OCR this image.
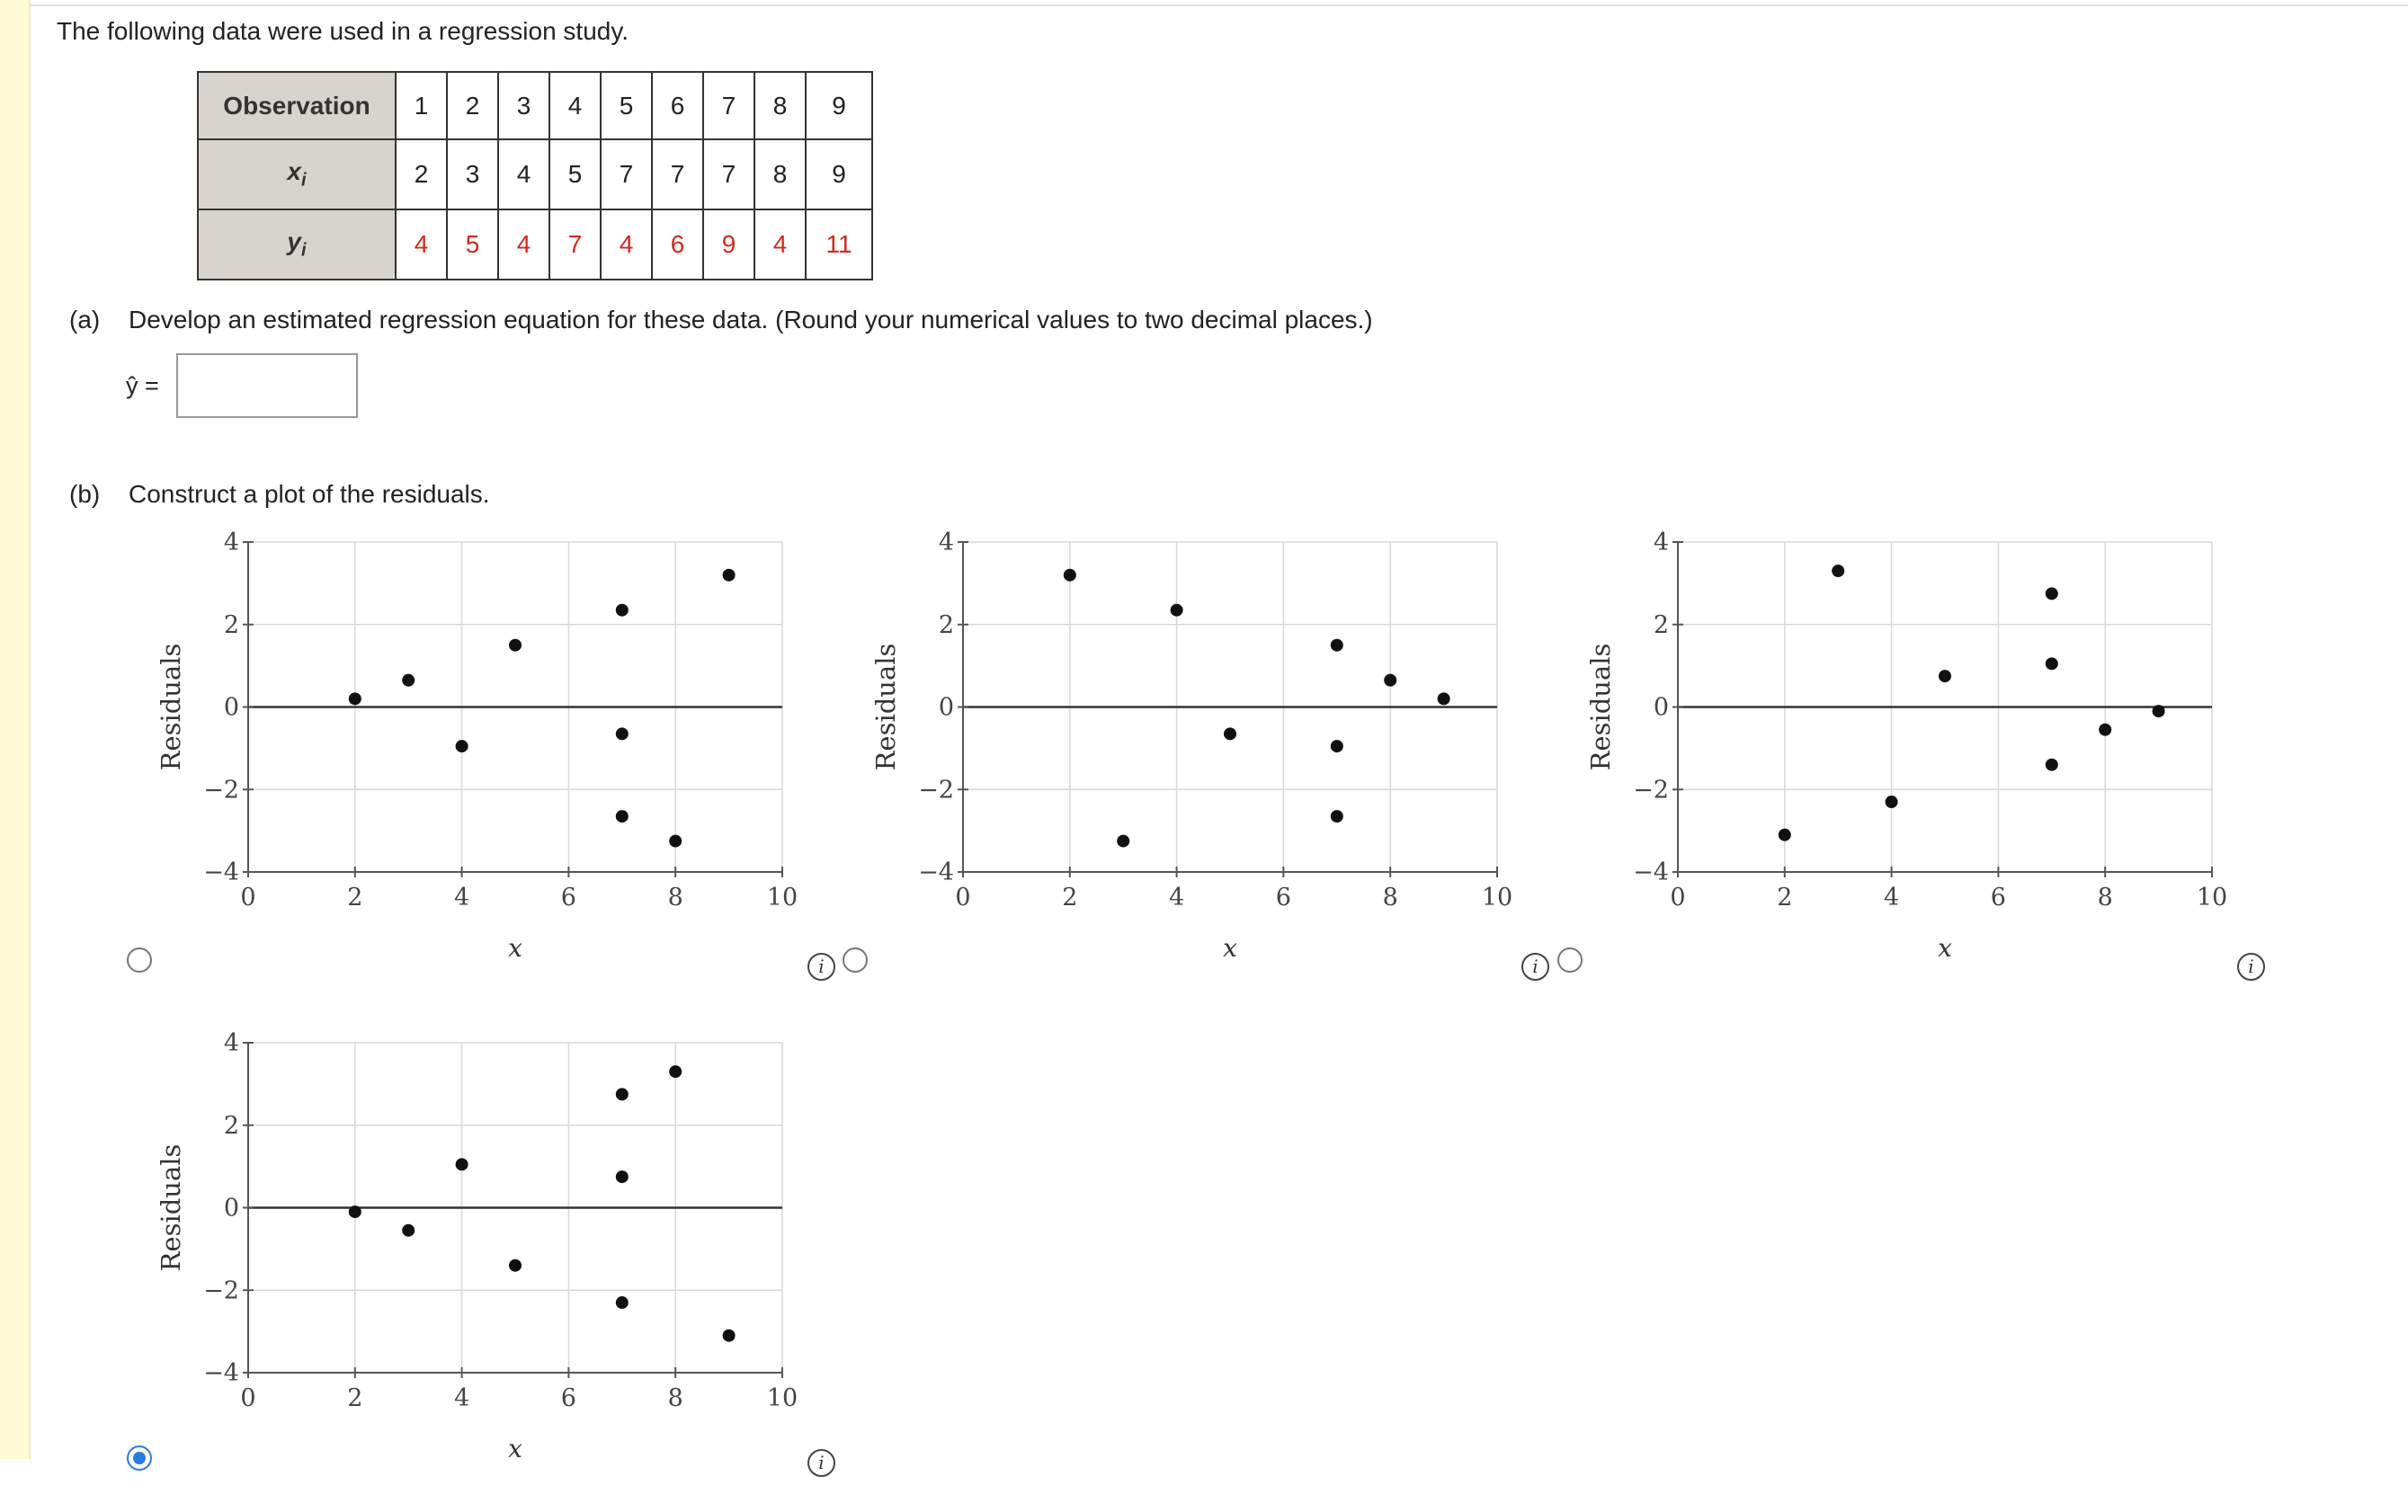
The following data were used in a regression study.
Observation	1	2	3	4	5	6	7	8	9
$x_i$	2	3	4	5	7	7	7	8	9
$y_i$	4	5	4	7	4	6	9	4	11
(a) Develop an estimated regression equation for these data. (Round your numerical values to two decimal places.)
ŷ =
(b) Construct a plot of the residuals.
0	2	4	6	8	10
4
2
0
−2
−4
x
Residuals
0	2	4	6	8	10
4
2
0
−2
−4
x
Residuals
0	2	4	6	8	10
4
2
0
−2
−4
x
Residuals
0	2	4	6	8	10
4
2
0
−2
−4
x
Residuals
i	i	i
i
